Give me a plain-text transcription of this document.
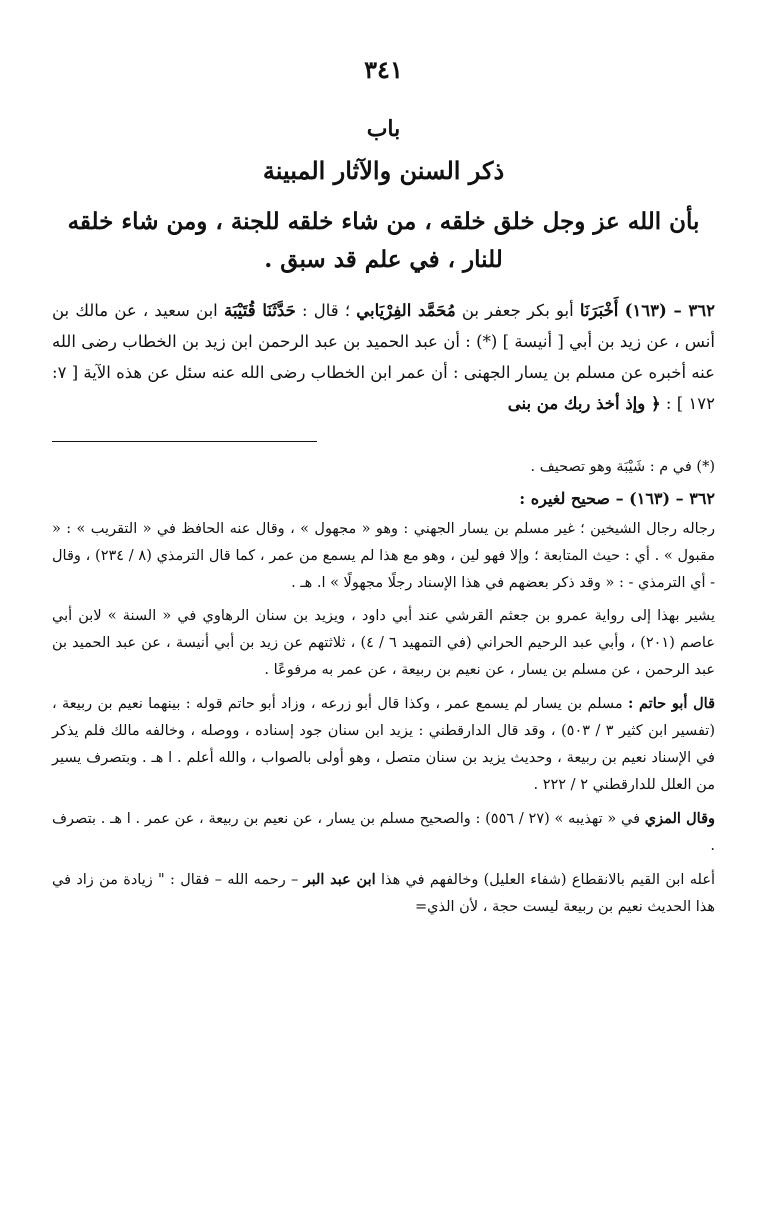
٣٤١
باب
ذكر السنن والآثار المبينة
بأن الله عز وجل خلق خلقه ، من شاء خلقه للجنة ، ومن شاء خلقه للنار ، في علم قد سبق .

٣٦٢ – (١٦٣) أَخْبَرَنَا أبو بكر جعفر بن مُحَمَّد الفِرْيَابي ؛ قال : حَدَّثَنَا قُتَيْبَة ابن سعيد ، عن مالك بن أنس ، عن زيد بن أبي [ أنيسة ] (*) : أن عبد الحميد بن عبد الرحمن ابن زيد بن الخطاب رضى الله عنه أخبره عن مسلم بن يسار الجهنى : أن عمر ابن الخطاب رضى الله عنه سئل عن هذه الآية [ ٧: ١٧٢ ] : ﴿ وإذ أخذ ربك من بنى

(*) في م : شَيْبَة وهو تصحيف .

٣٦٢ – (١٦٣) – صحيح لغيره :

رجاله رجال الشيخين ؛ غير مسلم بن يسار الجهني : وهو « مجهول » ، وقال عنه الحافظ في « التقريب » : « مقبول » . أي : حيث المتابعة ؛ وإلا فهو لين ، وهو مع هذا لم يسمع من عمر ، كما قال الترمذي (٨ / ٢٣٤) ، وقال - أي الترمذي - : « وقد ذكر بعضهم في هذا الإسناد رجلًا مجهولًا » ا. هـ .

يشير بهذا إلى رواية عمرو بن جعثم القرشي عند أبي داود ، ويزيد بن سنان الرهاوي في « السنة » لابن أبي عاصم (٢٠١) ، وأبي عبد الرحيم الحراني (في التمهيد ٦ / ٤) ، ثلاثتهم عن زيد بن أبي أنيسة ، عن عبد الحميد بن عبد الرحمن ، عن مسلم بن يسار ، عن نعيم بن ربيعة ، عن عمر به مرفوعًا .

قال أبو حاتم : مسلم بن يسار لم يسمع عمر ، وكذا قال أبو زرعه ، وزاد أبو حاتم قوله : بينهما نعيم بن ربيعة ، (تفسير ابن كثير ٣ / ٥٠٣) ، وقد قال الدارقطني : يزيد ابن سنان جود إسناده ، ووصله ، وخالفه مالك فلم يذكر في الإسناد نعيم بن ربيعة ، وحديث يزيد بن سنان متصل ، وهو أولى بالصواب ، والله أعلم . ا هـ . وبتصرف يسير من العلل للدارقطني ٢ / ٢٢٢ .

وقال المزي في « تهذيبه » (٢٧ / ٥٥٦) : والصحيح مسلم بن يسار ، عن نعيم بن ربيعة ، عن عمر . ا هـ . بتصرف .

أعله ابن القيم بالانقطاع (شفاء العليل) وخالفهم في هذا ابن عبد البر – رحمه الله – فقال : " زيادة من زاد في هذا الحديث نعيم بن ربيعة ليست حجة ، لأن الذي=
